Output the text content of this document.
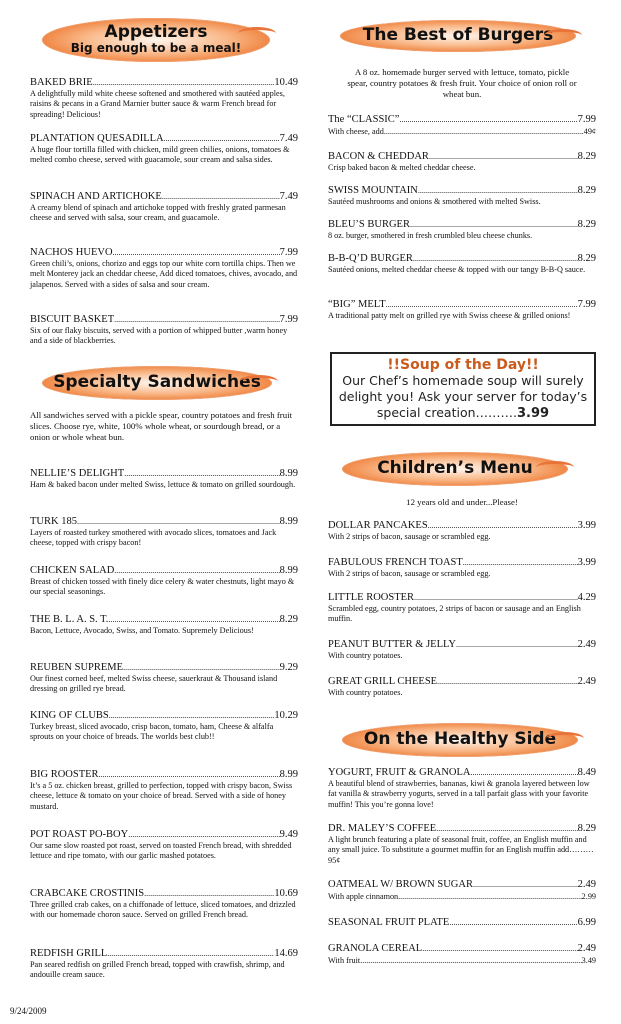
Appetizers
Big enough to be a meal!
BAKED BRIE .....	10.49
A delightfully mild white cheese softened and smothered with sautéed apples, raisins & pecans in a Grand Marnier butter sauce & warm French bread for spreading! Delicious!
PLANTATION QUESADILLA .....	7.49
A huge flour tortilla filled with chicken, mild green chilies, onions, tomatoes & melted combo cheese, served with guacamole, sour cream and salsa sides.
SPINACH AND ARTICHOKE .....	7.49
A creamy blend of spinach and artichoke topped with freshly grated parmesan cheese and served with salsa, sour cream, and guacamole.
NACHOS HUEVO .....	7.99
Green chili’s, onions, chorizo and eggs top our white corn tortilla chips. Then we melt Monterey jack an cheddar cheese, Add diced tomatoes, chives, avocado, and jalapenos. Served with a sides of salsa and sour cream.
BISCUIT BASKET .....	7.99
Six of our flaky biscuits, served with a portion of whipped butter ,warm honey and a side of blackberries.
Specialty Sandwiches
All sandwiches served with a pickle spear, country potatoes and fresh fruit slices. Choose rye, white, 100% whole wheat, or sourdough bread, or a onion or whole wheat bun.
NELLIE’S DELIGHT .....	8.99
Ham & baked bacon under melted Swiss, lettuce & tomato on grilled sourdough.
TURK 185 .....	8.99
Layers of roasted turkey smothered with avocado slices, tomatoes and Jack cheese, topped with crispy bacon!
CHICKEN SALAD .....	8.99
Breast of chicken tossed with finely dice celery & water chestnuts, light mayo & our special seasonings.
THE B. L. A. S. T. .....	8.29
Bacon, Lettuce, Avocado, Swiss, and Tomato. Supremely Delicious!
REUBEN SUPREME .....	9.29
Our finest corned beef, melted Swiss cheese, sauerkraut & Thousand island dressing on grilled rye bread.
KING OF CLUBS .....	10.29
Turkey breast, sliced avocado, crisp bacon, tomato, ham, Cheese & alfalfa sprouts on your choice of breads. The worlds best club!!
BIG ROOSTER .....	8.99
It’s a 5 oz. chicken breast, grilled to perfection, topped with crispy bacon, Swiss cheese, lettuce & tomato on your choice of bread. Served with a side of honey mustard.
POT ROAST PO-BOY .....	9.49
Our same slow roasted pot roast, served on toasted French bread, with shredded lettuce and ripe tomato, with our garlic mashed potatoes.
CRABCAKE CROSTINIS .....	10.69
Three grilled crab cakes, on a chiffonade of lettuce, sliced tomatoes, and drizzled with our homemade choron sauce. Served on grilled French bread.
REDFISH GRILL .....	14.69
Pan seared redfish on grilled French bread, topped with crawfish, shrimp, and andouille cream sauce.
The Best of Burgers
A 8 oz. homemade burger served with lettuce, tomato, pickle spear, country potatoes & fresh fruit. Your choice of onion roll or wheat bun.
The “CLASSIC” .....	7.99
With cheese, add .....	.49¢
BACON & CHEDDAR .....	8.29
Crisp baked bacon & melted cheddar cheese.
SWISS MOUNTAIN .....	8.29
Sautéed mushrooms and onions & smothered with melted Swiss.
BLEU’S BURGER .....	8.29
8 oz. burger, smothered in fresh crumbled bleu cheese chunks.
B-B-Q’D BURGER .....	8.29
Sautéed onions, melted cheddar cheese & topped with our tangy B-B-Q sauce.
“BIG” MELT .....	7.99
A traditional patty melt on grilled rye with Swiss cheese & grilled onions!
Children’s Menu
12 years old and under...Please!
DOLLAR PANCAKES .....	3.99
With 2 strips of bacon, sausage or scrambled egg.
FABULOUS FRENCH TOAST .....	3.99
With 2 strips of bacon, sausage or scrambled egg.
LITTLE ROOSTER .....	4.29
Scrambled egg, country potatoes, 2 strips of bacon or sausage and an English muffin.
PEANUT BUTTER & JELLY .....	2.49
With country potatoes.
GREAT GRILL CHEESE .....	2.49
With country potatoes.
On the Healthy Side
YOGURT, FRUIT & GRANOLA .....	8.49
A beautiful blend of strawberries, bananas, kiwi & granola layered between low fat vanilla & strawberry yogurts, served in a tall parfait glass with your favorite muffin! This you’re gonna love!
DR. MALEY’S COFFEE .....	8.29
A light brunch featuring a plate of seasonal fruit, coffee, an English muffin and any small juice. To substitute a gourmet muffin for an English muffin add………95¢
OATMEAL W/ BROWN SUGAR .....	2.49
With apple cinnamon .....	2.99
SEASONAL FRUIT PLATE .....	6.99
GRANOLA CEREAL .....	2.49
With fruit .....	3.49
!!Soup of the Day!!
Our Chef’s homemade soup will surely
delight you! Ask your server for today’s
special creation……….3.99
9/24/2009
